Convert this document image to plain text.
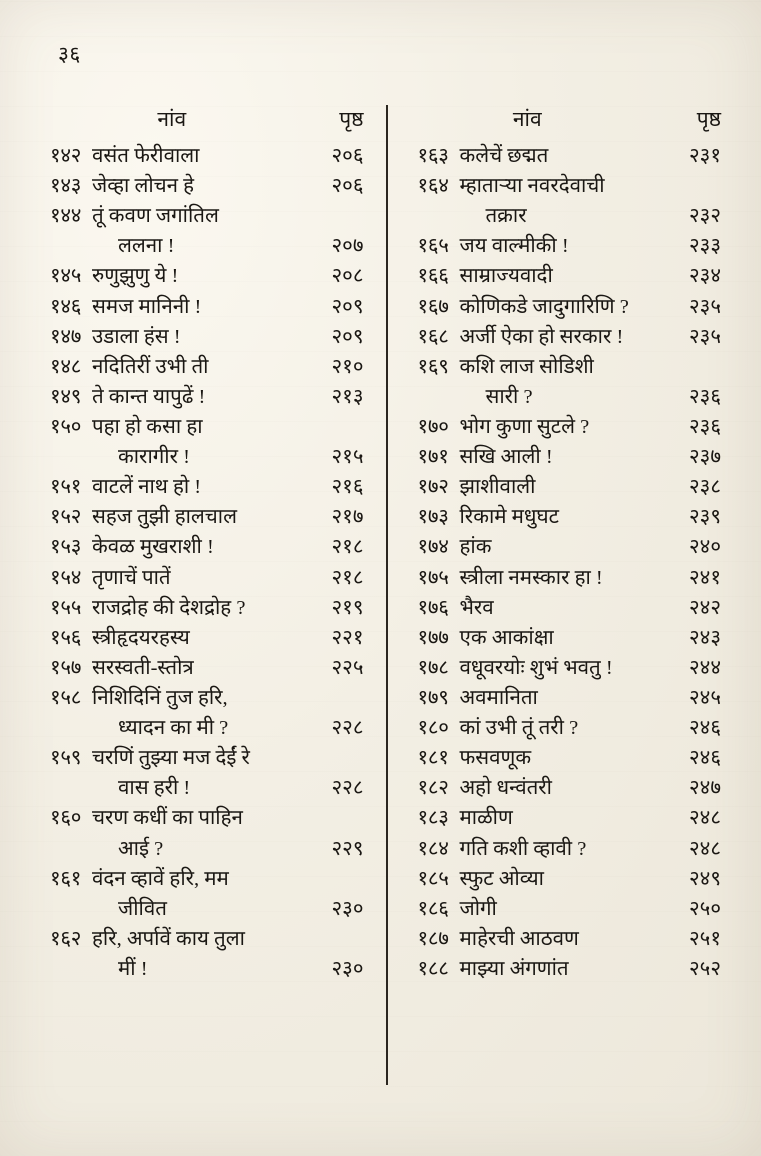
३६
नांव	पृष्ठ
१४२ वसंत फेरीवाला	२०६
१४३ जेव्हा लोचन हे	२०६
१४४ तूं कवण जगांतिल
ललना !	२०७
१४५ रुणुझुणु ये !	२०८
१४६ समज मानिनी !	२०९
१४७ उडाला हंस !	२०९
१४८ नदितिरीं उभी ती	२१०
१४९ ते कान्त यापुढें !	२१३
१५० पहा हो कसा हा
कारागीर !	२१५
१५१ वाटलें नाथ हो !	२१६
१५२ सहज तुझी हालचाल	२१७
१५३ केवळ मुखराशी !	२१८
१५४ तृणाचें पातें	२१८
१५५ राजद्रोह की देशद्रोह ?	२१९
१५६ स्त्रीहृदयरहस्य	२२१
१५७ सरस्वती-स्तोत्र	२२५
१५८ निशिदिनिं तुज हरि,
ध्यादन का मी ?	२२८
१५९ चरणिं तुझ्या मज देईं रे
वास हरी !	२२८
१६० चरण कधीं का पाहिन
आई ?	२२९
१६१ वंदन व्हावें हरि, मम
जीवित	२३०
१६२ हरि, अर्पावें काय तुला
मीं !	२३०
नांव	पृष्ठ
१६३ कलेचें छद्मत	२३१
१६४ म्हातार्‍या नवरदेवाची
तक्रार	२३२
१६५ जय वाल्मीकी !	२३३
१६६ साम्राज्यवादी	२३४
१६७ कोणिकडे जादुगारिणि ?	२३५
१६८ अर्जी ऐका हो सरकार !	२३५
१६९ कशि लाज सोडिशी
सारी ?	२३६
१७० भोग कुणा सुटले ?	२३६
१७१ सखि आली !	२३७
१७२ झाशीवाली	२३८
१७३ रिकामे मधुघट	२३९
१७४ हांक	२४०
१७५ स्त्रीला नमस्कार हा !	२४१
१७६ भैरव	२४२
१७७ एक आकांक्षा	२४३
१७८ वधूवरयोः शुभं भवतु !	२४४
१७९ अवमानिता	२४५
१८० कां उभी तूं तरी ?	२४६
१८१ फसवणूक	२४६
१८२ अहो धन्वंतरी	२४७
१८३ माळीण	२४८
१८४ गति कशी व्हावी ?	२४८
१८५ स्फुट ओव्या	२४९
१८६ जोगी	२५०
१८७ माहेरची आठवण	२५१
१८८ माझ्या अंगणांत	२५२
